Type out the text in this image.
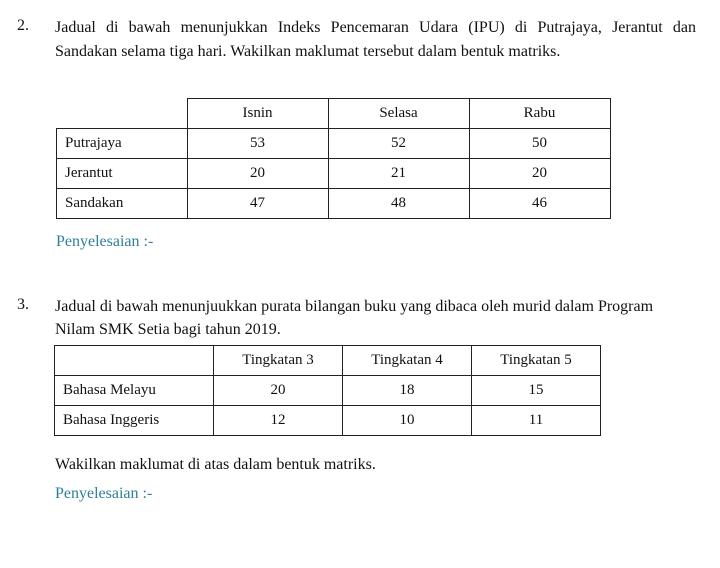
2. Jadual di bawah menunjukkan Indeks Pencemaran Udara (IPU) di Putrajaya, Jerantut dan
Sandakan selama tiga hari. Wakilkan maklumat tersebut dalam bentuk matriks.
	Isnin	Selasa	Rabu
Putrajaya	53	52	50
Jerantut	20	21	20
Sandakan	47	48	46
Penyelesaian :-
3. Jadual di bawah menunjuukkan purata bilangan buku yang dibaca oleh murid dalam Program
Nilam SMK Setia bagi tahun 2019.
	Tingkatan 3	Tingkatan 4	Tingkatan 5
Bahasa Melayu	20	18	15
Bahasa Inggeris	12	10	11
Wakilkan maklumat di atas dalam bentuk matriks.
Penyelesaian :-
